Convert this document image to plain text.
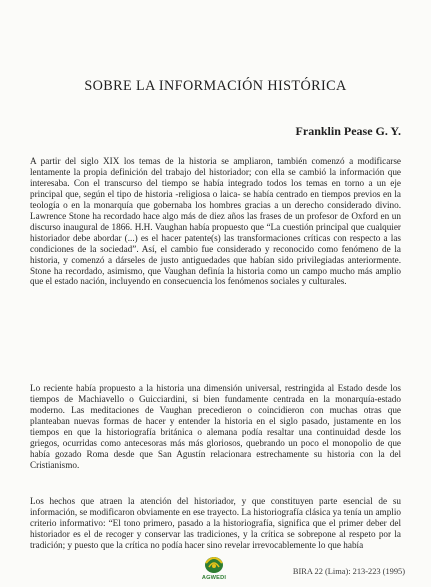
SOBRE LA INFORMACIÓN HISTÓRICA
Franklin Pease G. Y.

A partir del siglo XIX los temas de la historia se ampliaron, también comenzó a modificarse lentamente la propia definición del trabajo del historiador; con ella se cambió la información que interesaba. Con el transcurso del tiempo se había integrado todos los temas en torno a un eje principal que, según el tipo de historia -religiosa o laica- se había centrado en tiempos previos en la teología o en la monarquía que gobernaba los hombres gracias a un derecho considerado divino. Lawrence Stone ha recordado hace algo más de diez años las frases de un profesor de Oxford en un discurso inaugural de 1866. H.H. Vaughan había propuesto que “La cuestión principal que cualquier historiador debe abordar (...) es el hacer patente(s) las transformaciones críticas con respecto a las condiciones de la sociedad”. Así, el cambio fue considerado y reconocido como fenómeno de la historia, y comenzó a dárseles de justo antiguedades que habían sido privilegiadas anteriormente. Stone ha recordado, asimismo, que Vaughan definía la historia como un campo mucho más amplio que el estado nación, incluyendo en consecuencia los fenómenos sociales y culturales.

Lo reciente había propuesto a la historia una dimensión universal, restringida al Estado desde los tiempos de Machiavello o Guicciardini, si bien fundamente centrada en la monarquía-estado moderno. Las meditaciones de Vaughan precedieron o coincidieron con muchas otras que planteaban nuevas formas de hacer y entender la historia en el siglo pasado, justamente en los tiempos en que la historiografía británica o alemana podía resaltar una continuidad desde los griegos, ocurridas como antecesoras más más gloriosos, quebrando un poco el monopolio de que había gozado Roma desde que San Agustín relacionara estrechamente su historia con la del Cristianismo.

Los hechos que atraen la atención del historiador, y que constituyen parte esencial de su información, se modificaron obviamente en ese trayecto. La historiografía clásica ya tenía un amplio criterio informativo: “El tono primero, pasado a la historiografía, significa que el primer deber del historiador es el de recoger y conservar las tradiciones, y la crítica se sobrepone al respeto por la tradición; y puesto que la crítica no podía hacer sino revelar irrevocablemente lo que había

AGWEDI
BIRA 22 (Lima): 213-223 (1995)
